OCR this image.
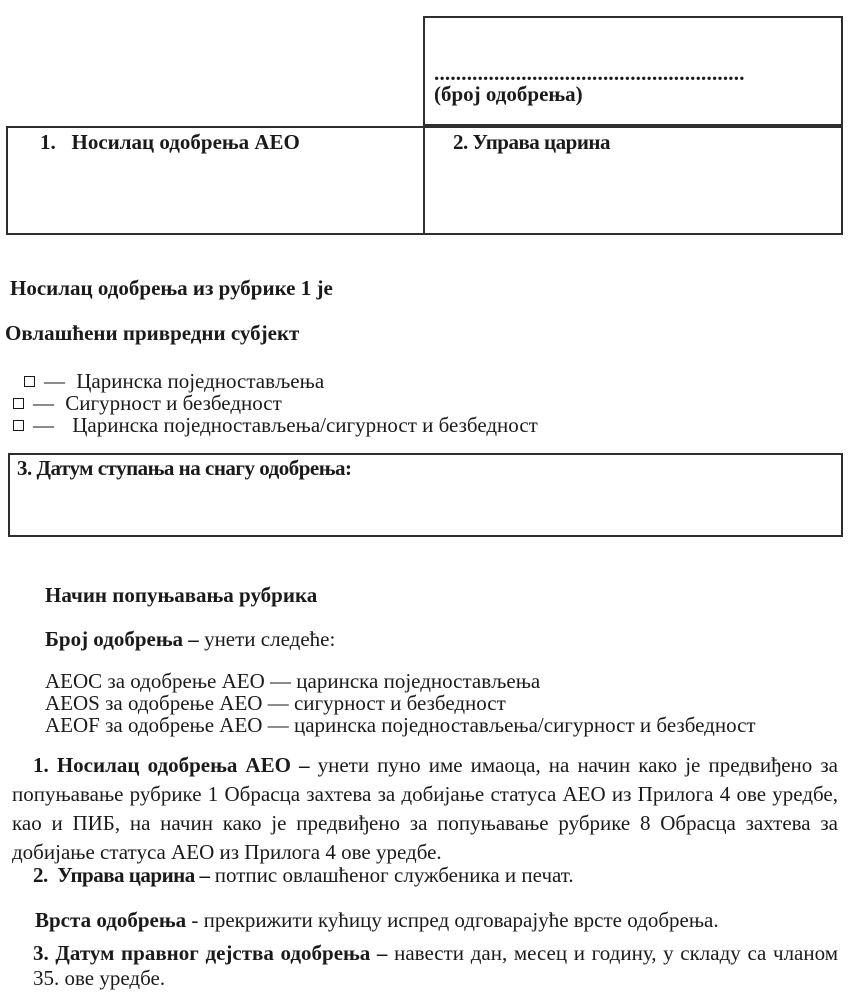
.........................................................
(број одобрења)
1.   Носилац одобрења АЕО	2. Управа царина
Носилац одобрења из рубрике 1 је
Овлашћени привредни субјект
— Царинска поједностављења
— Сигурност и безбедност
— Царинска поједностављења/сигурност и безбедност
3. Датум ступања на снагу одобрења:
Начин попуњавања рубрика
Број одобрења – унети следеће:
AEOC за одобрење АЕО — царинска поједностављења
AEOS за одобрење АЕО — сигурност и безбедност
AEOF за одобрење АЕО — царинска поједностављења/сигурност и безбедност
1. Носилац одобрења АЕО – унети пуно име имаоца, на начин како је предвиђено за попуњавање рубрике 1 Обрасца захтева за добијање статуса АЕО из Прилога 4 ове уредбе, као и ПИБ, на начин како је предвиђено за попуњавање рубрике 8 Обрасца захтева за добијање статуса АЕО из Прилога 4 ове уредбе.
2.  Управа царина – потпис овлашћеног службеника и печат.
Врста одобрења - прекрижити кућицу испред одговарајуће врсте одобрења.
3. Датум правног дејства одобрења – навести дан, месец и годину, у складу са чланом 35. ове уредбе.
